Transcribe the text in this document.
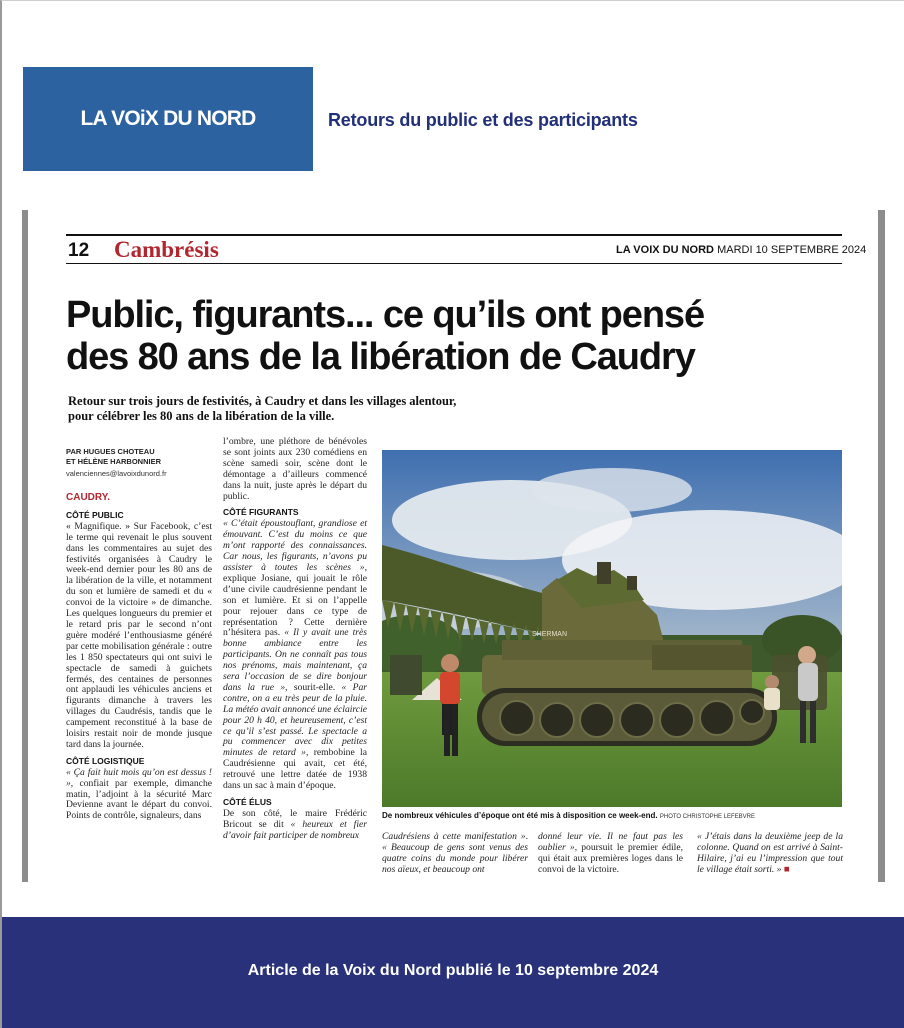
LA VOiX DU NORD	Retours du public et des participants
12 Cambrésis	LA VOIX DU NORD MARDI 10 SEPTEMBRE 2024
Public, figurants... ce qu’ils ont pensé
des 80 ans de la libération de Caudry
Retour sur trois jours de festivités, à Caudry et dans les villages alentour,
pour célébrer les 80 ans de la libération de la ville.
PAR HUGUES CHOTEAU
ET HÉLÈNE HARBONNIER
valenciennes@lavoixdunord.fr
CAUDRY.
CÔTÉ PUBLIC

« Magnifique. » Sur Facebook, c’est le terme qui revenait le plus souvent dans les commentaires au sujet des festivités organisées à Caudry le week-end dernier pour les 80 ans de la libération de la ville, et notamment du son et lumière de samedi et du « convoi de la victoire » de dimanche. Les quelques longueurs du premier et le retard pris par le second n’ont guère modéré l’enthousiasme généré par cette mobilisation générale : outre les 1 850 spectateurs qui ont suivi le spectacle de samedi à guichets fermés, des centaines de personnes ont applaudi les véhicules anciens et figurants dimanche à travers les villages du Caudrésis, tandis que le campement reconstitué à la base de loisirs restait noir de monde jusque tard dans la journée.

CÔTÉ LOGISTIQUE

« Ça fait huit mois qu’on est dessus ! », confiait par exemple, dimanche matin, l’adjoint à la sécurité Marc Devienne avant le départ du convoi. Points de contrôle, signaleurs, dans

l’ombre, une pléthore de bénévoles se sont joints aux 230 comédiens en scène samedi soir, scène dont le démontage a d’ailleurs commencé dans la nuit, juste après le départ du public.

CÔTÉ FIGURANTS

« C’était époustouflant, grandiose et émouvant. C’est du moins ce que m’ont rapporté des connaissances. Car nous, les figurants, n’avons pu assister à toutes les scènes », explique Josiane, qui jouait le rôle d’une civile caudrésienne pendant le son et lumière. Et si on l’appelle pour rejouer dans ce type de représentation ? Cette dernière n’hésitera pas. « Il y avait une très bonne ambiance entre les participants. On ne connaît pas tous nos prénoms, mais maintenant, ça sera l’occasion de se dire bonjour dans la rue », sourit-elle. « Par contre, on a eu très peur de la pluie. La météo avait annoncé une éclaircie pour 20 h 40, et heureusement, c’est ce qu’il s’est passé. Le spectacle a pu commencer avec dix petites minutes de retard », rembobine la Caudrésienne qui avait, cet été, retrouvé une lettre datée de 1938 dans un sac à main d’époque.

CÔTÉ ÉLUS

De son côté, le maire Frédéric Bricout se dit « heureux et fier d’avoir fait participer de nombreux

SHERMAN
De nombreux véhicules d’époque ont été mis à disposition ce week-end. PHOTO CHRISTOPHE LEFEBVRE

Caudrésiens à cette manifestation ». « Beaucoup de gens sont venus des quatre coins du monde pour libérer nos aïeux, et beaucoup ont

donné leur vie. Il ne faut pas les oublier », poursuit le premier édile, qui était aux premières loges dans le convoi de la victoire.

« J’étais dans la deuxième jeep de la colonne. Quand on est arrivé à Saint-Hilaire, j’ai eu l’impression que tout le village était sorti. » ■

Article de la Voix du Nord publié le 10 septembre 2024
